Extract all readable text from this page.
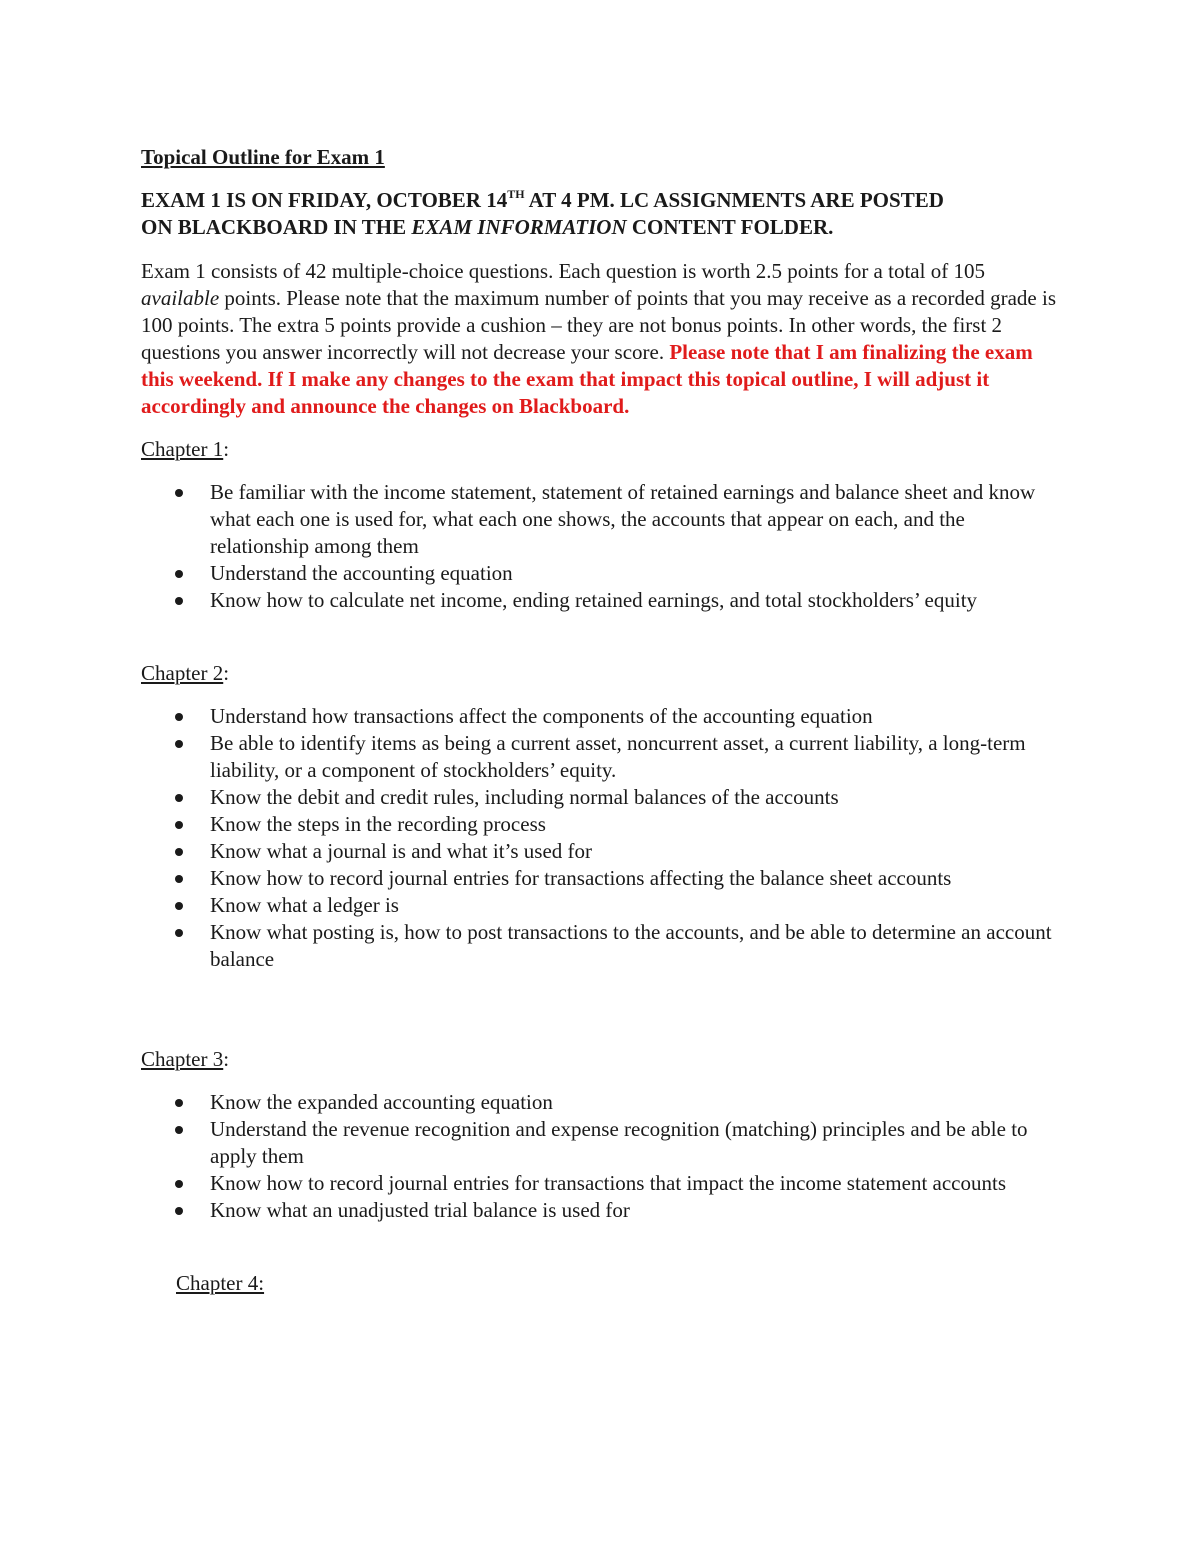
Topical Outline for Exam 1

EXAM 1 IS ON FRIDAY, OCTOBER 14TH AT 4 PM. LC ASSIGNMENTS ARE POSTED
ON BLACKBOARD IN THE EXAM INFORMATION CONTENT FOLDER.

Exam 1 consists of 42 multiple-choice questions. Each question is worth 2.5 points for a total of 105 available points. Please note that the maximum number of points that you may receive as a recorded grade is 100 points. The extra 5 points provide a cushion – they are not bonus points. In other words, the first 2 questions you answer incorrectly will not decrease your score. Please note that I am finalizing the exam this weekend. If I make any changes to the exam that impact this topical outline, I will adjust it accordingly and announce the changes on Blackboard.

Chapter 1:

Be familiar with the income statement, statement of retained earnings and balance sheet and know what each one is used for, what each one shows, the accounts that appear on each, and the relationship among them
Understand the accounting equation
Know how to calculate net income, ending retained earnings, and total stockholders’ equity

Chapter 2:

Understand how transactions affect the components of the accounting equation
Be able to identify items as being a current asset, noncurrent asset, a current liability, a long-term liability, or a component of stockholders’ equity.
Know the debit and credit rules, including normal balances of the accounts
Know the steps in the recording process
Know what a journal is and what it’s used for
Know how to record journal entries for transactions affecting the balance sheet accounts
Know what a ledger is
Know what posting is, how to post transactions to the accounts, and be able to determine an account balance

Chapter 3:

Know the expanded accounting equation
Understand the revenue recognition and expense recognition (matching) principles and be able to apply them
Know how to record journal entries for transactions that impact the income statement accounts
Know what an unadjusted trial balance is used for

Chapter 4:
